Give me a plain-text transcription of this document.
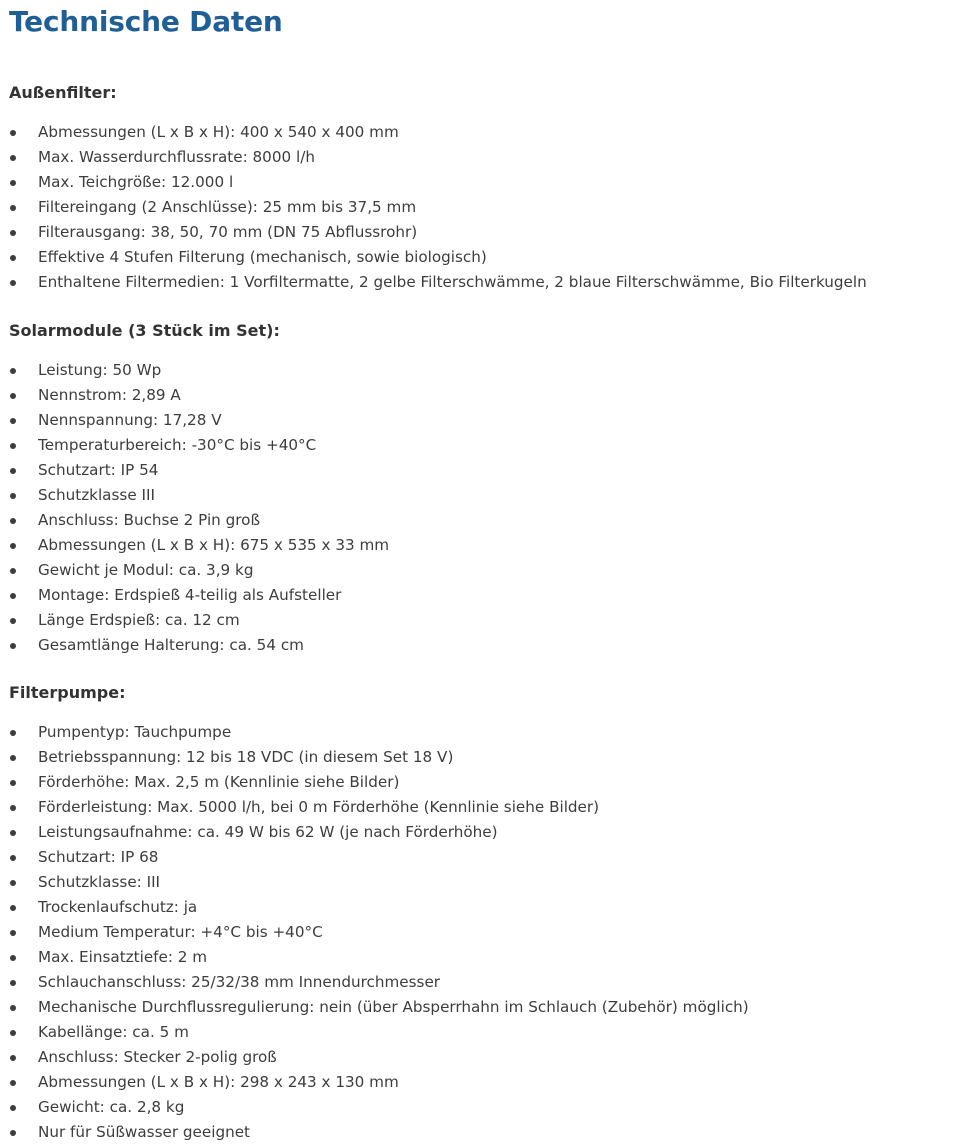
Technische Daten
Außenfilter:
Abmessungen (L x B x H): 400 x 540 x 400 mm
Max. Wasserdurchflussrate: 8000 l/h
Max. Teichgröße: 12.000 l
Filtereingang (2 Anschlüsse): 25 mm bis 37,5 mm
Filterausgang: 38, 50, 70 mm (DN 75 Abflussrohr)
Effektive 4 Stufen Filterung (mechanisch, sowie biologisch)
Enthaltene Filtermedien: 1 Vorfiltermatte, 2 gelbe Filterschwämme, 2 blaue Filterschwämme, Bio Filterkugeln
Solarmodule (3 Stück im Set):
Leistung: 50 Wp
Nennstrom: 2,89 A
Nennspannung: 17,28 V
Temperaturbereich: -30°C bis +40°C
Schutzart: IP 54
Schutzklasse III
Anschluss: Buchse 2 Pin groß
Abmessungen (L x B x H): 675 x 535 x 33 mm
Gewicht je Modul: ca. 3,9 kg
Montage: Erdspieß 4-teilig als Aufsteller
Länge Erdspieß: ca. 12 cm
Gesamtlänge Halterung: ca. 54 cm
Filterpumpe:
Pumpentyp: Tauchpumpe
Betriebsspannung: 12 bis 18 VDC (in diesem Set 18 V)
Förderhöhe: Max. 2,5 m (Kennlinie siehe Bilder)
Förderleistung: Max. 5000 l/h, bei 0 m Förderhöhe (Kennlinie siehe Bilder)
Leistungsaufnahme: ca. 49 W bis 62 W (je nach Förderhöhe)
Schutzart: IP 68
Schutzklasse: III
Trockenlaufschutz: ja
Medium Temperatur: +4°C bis +40°C
Max. Einsatztiefe: 2 m
Schlauchanschluss: 25/32/38 mm Innendurchmesser
Mechanische Durchflussregulierung: nein (über Absperrhahn im Schlauch (Zubehör) möglich)
Kabellänge: ca. 5 m
Anschluss: Stecker 2-polig groß
Abmessungen (L x B x H): 298 x 243 x 130 mm
Gewicht: ca. 2,8 kg
Nur für Süßwasser geeignet
